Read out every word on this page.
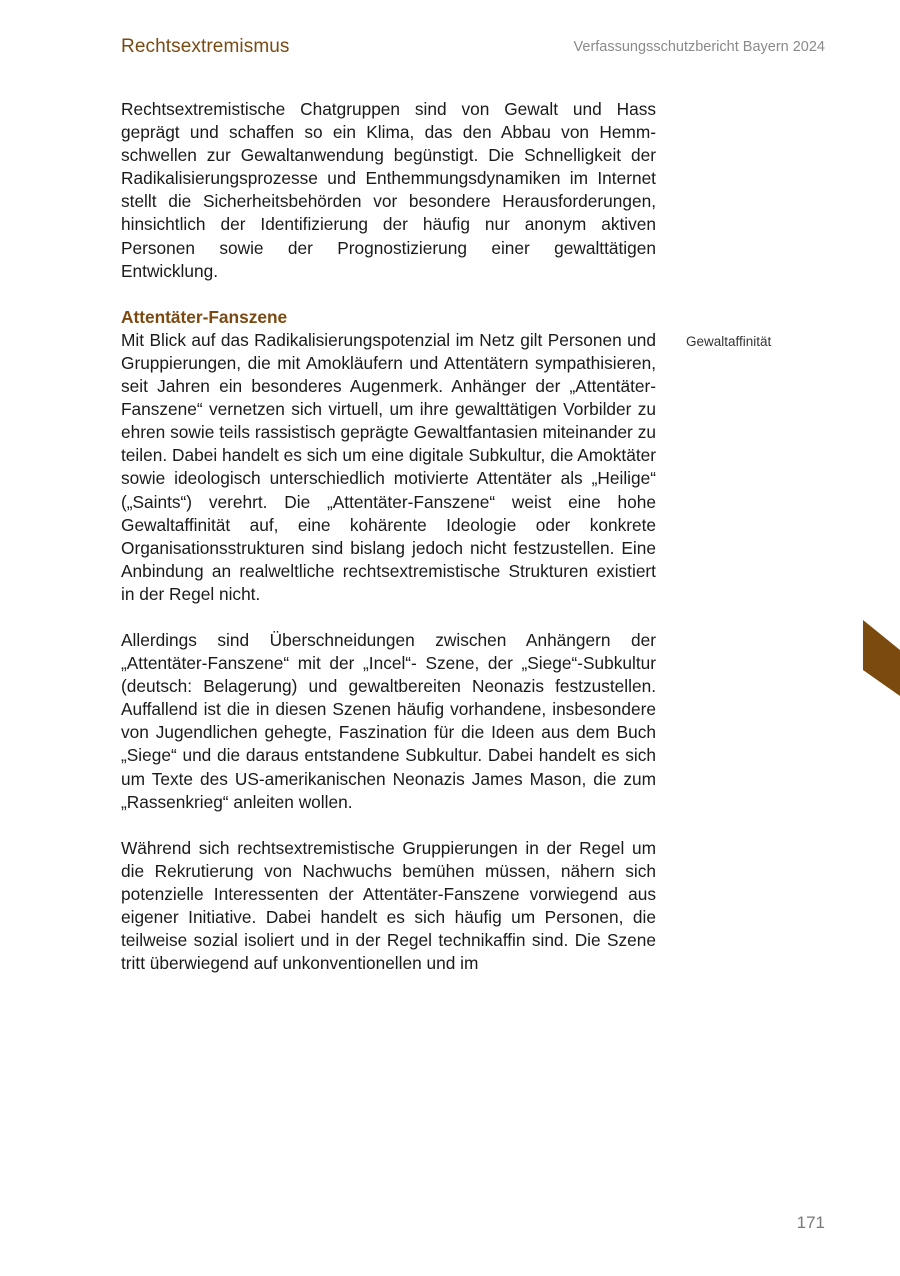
Rechtsextremismus	Verfassungsschutzbericht Bayern 2024

Rechtsextremistische Chatgruppen sind von Gewalt und Hass geprägt und schaffen so ein Klima, das den Abbau von Hemmschwellen zur Gewaltanwendung begünstigt. Die Schnelligkeit der Radikalisierungsprozesse und Enthemmungsdynamiken im Internet stellt die Sicherheitsbehörden vor besondere Herausforderungen, hinsichtlich der Identifizierung der häufig nur anonym aktiven Personen sowie der Prognostizierung einer gewalttätigen Entwicklung.

Attentäter-Fanszene

Mit Blick auf das Radikalisierungspotenzial im Netz gilt Personen und Gruppierungen, die mit Amokläufern und Attentätern sympathisieren, seit Jahren ein besonderes Augenmerk. Anhänger der „Attentäter-Fanszene“ vernetzen sich virtuell, um ihre gewalttätigen Vorbilder zu ehren sowie teils rassistisch geprägte Gewaltfantasien miteinander zu teilen. Dabei handelt es sich um eine digitale Subkultur, die Amoktäter sowie ideologisch unterschiedlich motivierte Attentäter als „Heilige“ („Saints“) verehrt. Die „Attentäter-Fanszene“ weist eine hohe Gewaltaffinität auf, eine kohärente Ideologie oder konkrete Organisationsstrukturen sind bislang jedoch nicht festzustellen. Eine Anbindung an realweltliche rechtsextremistische Strukturen existiert in der Regel nicht.

Allerdings sind Überschneidungen zwischen Anhängern der „Attentäter-Fanszene“ mit der „Incel“- Szene, der „Siege“-Subkultur (deutsch: Belagerung) und gewaltbereiten Neonazis festzustellen. Auffallend ist die in diesen Szenen häufig vorhandene, insbesondere von Jugendlichen gehegte, Faszination für die Ideen aus dem Buch „Siege“ und die daraus entstandene Subkultur. Dabei handelt es sich um Texte des US-amerikanischen Neonazis James Mason, die zum „Rassenkrieg“ anleiten wollen.

Während sich rechtsextremistische Gruppierungen in der Regel um die Rekrutierung von Nachwuchs bemühen müssen, nähern sich potenzielle Interessenten der Attentäter-Fanszene vorwiegend aus eigener Initiative. Dabei handelt es sich häufig um Personen, die teilweise sozial isoliert und in der Regel technikaffin sind. Die Szene tritt überwiegend auf unkonventionellen und im

Gewaltaffinität
171
